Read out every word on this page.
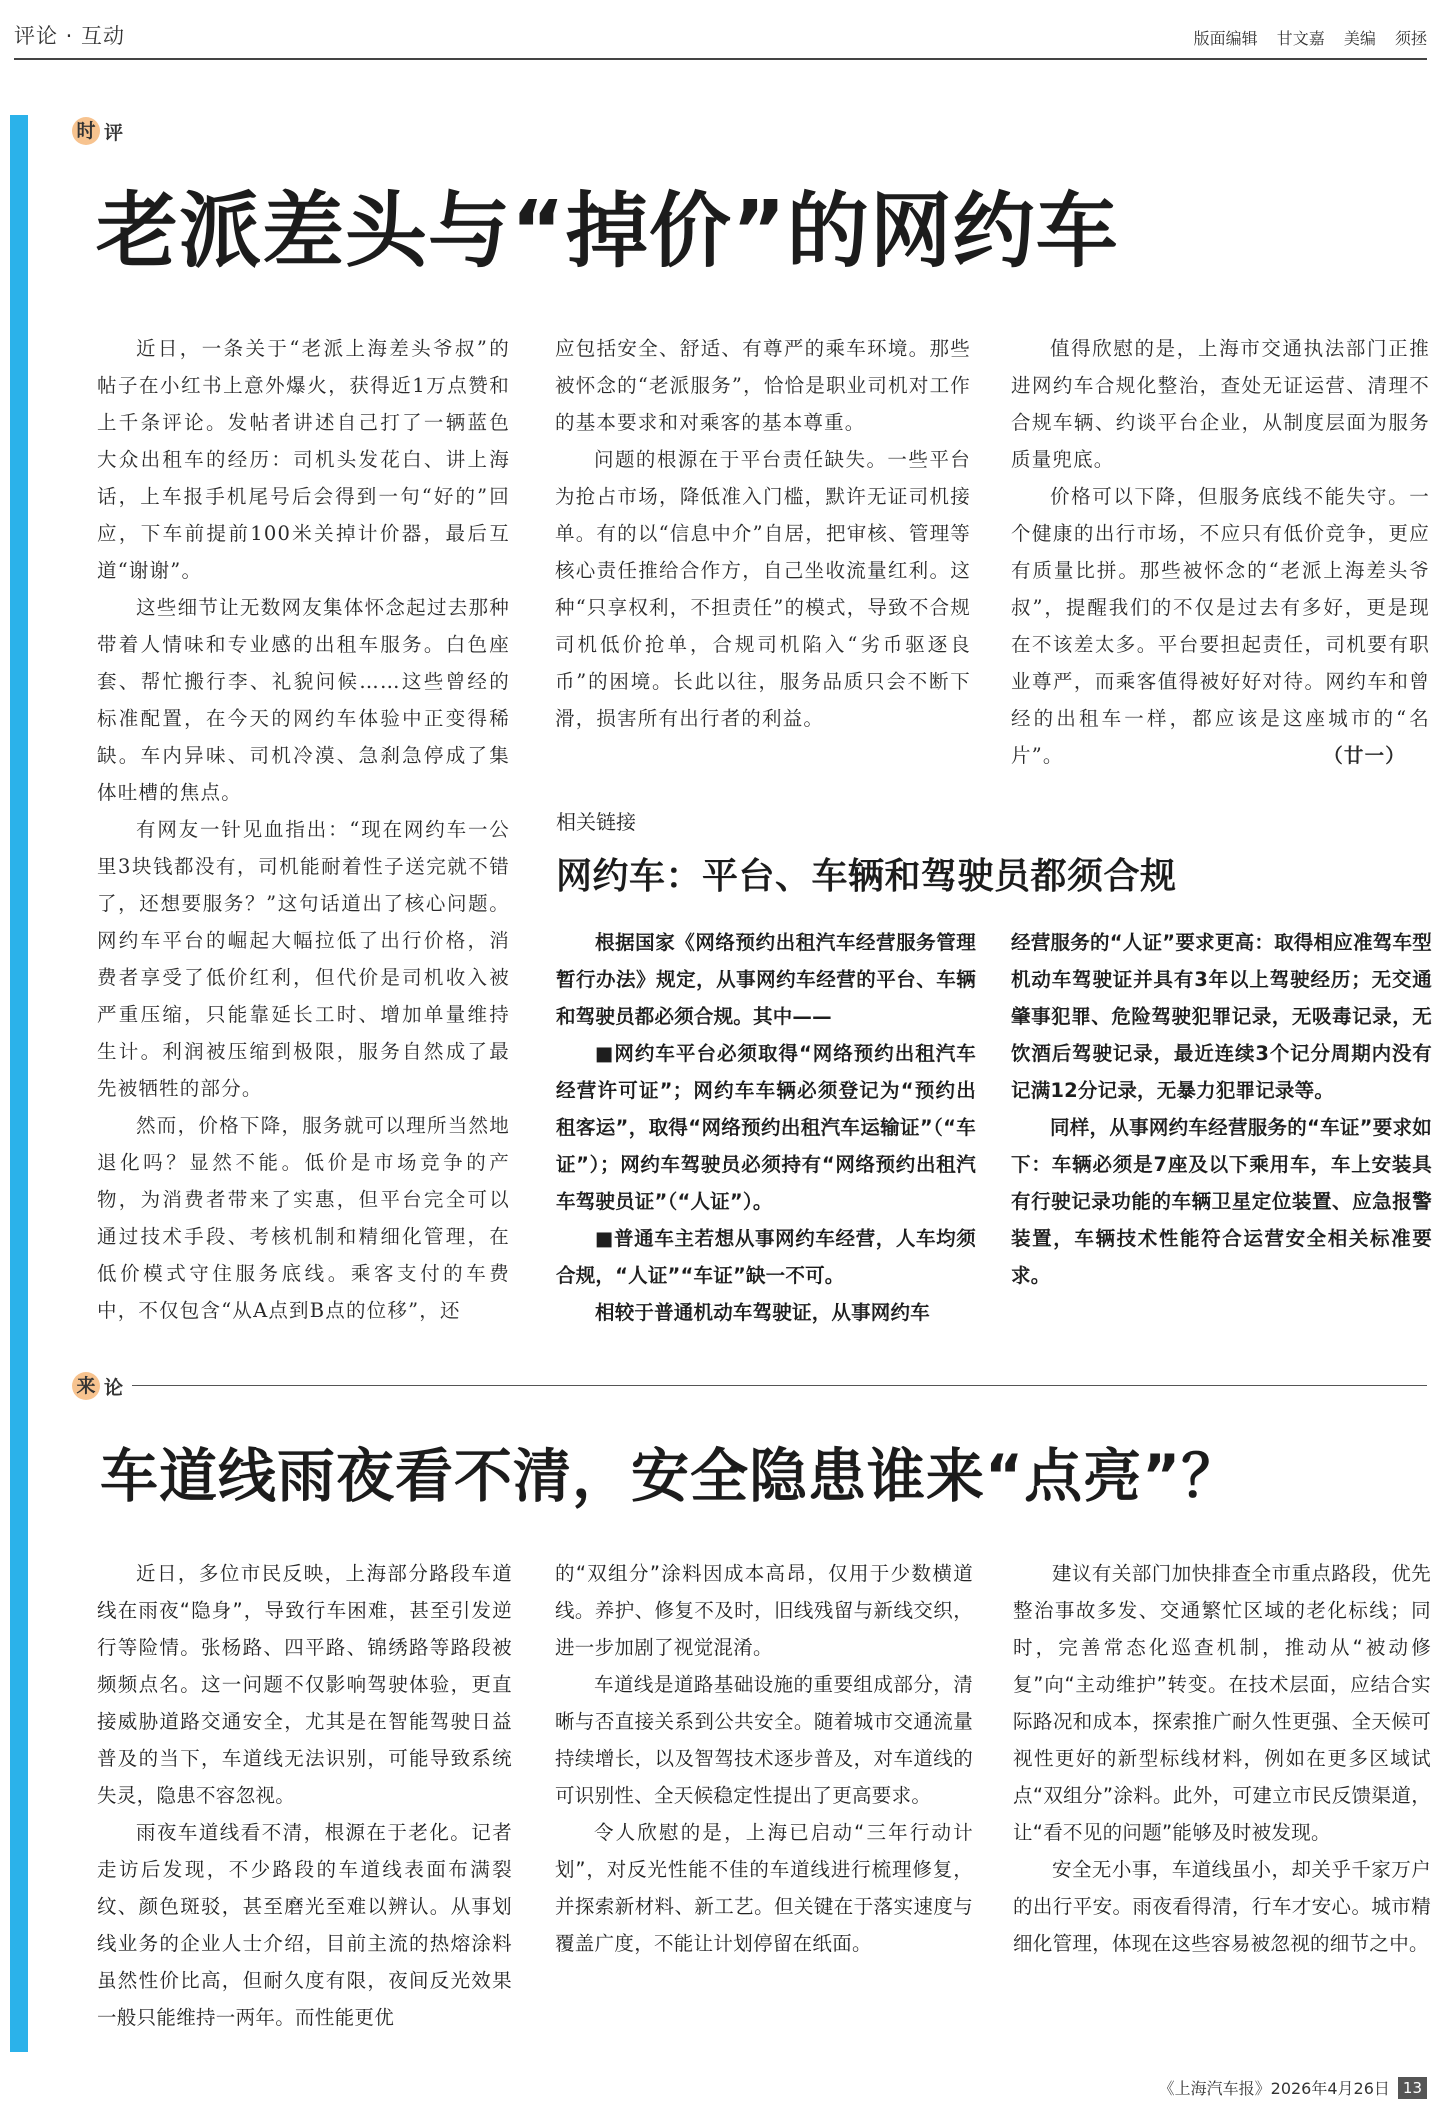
评论 · 互动	版面编辑 甘文嘉 美编 须拯
时 评
老派差头与“掉价”的网约车

近日，一条关于“老派上海差头爷叔”的帖子在小红书上意外爆火，获得近1万点赞和上千条评论。发帖者讲述自己打了一辆蓝色大众出租车的经历：司机头发花白、讲上海话，上车报手机尾号后会得到一句“好的”回应，下车前提前100米关掉计价器，最后互道“谢谢”。

这些细节让无数网友集体怀念起过去那种带着人情味和专业感的出租车服务。白色座套、帮忙搬行李、礼貌问候……这些曾经的标准配置，在今天的网约车体验中正变得稀缺。车内异味、司机冷漠、急刹急停成了集体吐槽的焦点。

有网友一针见血指出：“现在网约车一公里3块钱都没有，司机能耐着性子送完就不错了，还想要服务？”这句话道出了核心问题。网约车平台的崛起大幅拉低了出行价格，消费者享受了低价红利，但代价是司机收入被严重压缩，只能靠延长工时、增加单量维持生计。利润被压缩到极限，服务自然成了最先被牺牲的部分。

然而，价格下降，服务就可以理所当然地退化吗？显然不能。低价是市场竞争的产物，为消费者带来了实惠，但平台完全可以通过技术手段、考核机制和精细化管理，在低价模式守住服务底线。乘客支付的车费中，不仅包含“从A点到B点的位移”，还

应包括安全、舒适、有尊严的乘车环境。那些被怀念的“老派服务”，恰恰是职业司机对工作的基本要求和对乘客的基本尊重。

问题的根源在于平台责任缺失。一些平台为抢占市场，降低准入门槛，默许无证司机接单。有的以“信息中介”自居，把审核、管理等核心责任推给合作方，自己坐收流量红利。这种“只享权利，不担责任”的模式，导致不合规司机低价抢单，合规司机陷入“劣币驱逐良币”的困境。长此以往，服务品质只会不断下滑，损害所有出行者的利益。

值得欣慰的是，上海市交通执法部门正推进网约车合规化整治，查处无证运营、清理不合规车辆、约谈平台企业，从制度层面为服务质量兜底。

价格可以下降，但服务底线不能失守。一个健康的出行市场，不应只有低价竞争，更应有质量比拼。那些被怀念的“老派上海差头爷叔”，提醒我们的不仅是过去有多好，更是现在不该差太多。平台要担起责任，司机要有职业尊严，而乘客值得被好好对待。网约车和曾经的出租车一样，都应该是这座城市的“名片”。	（廿一）

相关链接
网约车：平台、车辆和驾驶员都须合规

根据国家《网络预约出租汽车经营服务管理暂行办法》规定，从事网约车经营的平台、车辆和驾驶员都必须合规。其中——

■网约车平台必须取得“网络预约出租汽车经营许可证”；网约车车辆必须登记为“预约出租客运”，取得“网络预约出租汽车运输证”（“车证”）；网约车驾驶员必须持有“网络预约出租汽车驾驶员证”（“人证”）。

■普通车主若想从事网约车经营，人车均须合规，“人证”“车证”缺一不可。

相较于普通机动车驾驶证，从事网约车

经营服务的“人证”要求更高：取得相应准驾车型机动车驾驶证并具有3年以上驾驶经历；无交通肇事犯罪、危险驾驶犯罪记录，无吸毒记录，无饮酒后驾驶记录，最近连续3个记分周期内没有记满12分记录，无暴力犯罪记录等。

同样，从事网约车经营服务的“车证”要求如下：车辆必须是7座及以下乘用车，车上安装具有行驶记录功能的车辆卫星定位装置、应急报警装置，车辆技术性能符合运营安全相关标准要求。

来 论
车道线雨夜看不清，安全隐患谁来“点亮”？

近日，多位市民反映，上海部分路段车道线在雨夜“隐身”，导致行车困难，甚至引发逆行等险情。张杨路、四平路、锦绣路等路段被频频点名。这一问题不仅影响驾驶体验，更直接威胁道路交通安全，尤其是在智能驾驶日益普及的当下，车道线无法识别，可能导致系统失灵，隐患不容忽视。

雨夜车道线看不清，根源在于老化。记者走访后发现，不少路段的车道线表面布满裂纹、颜色斑驳，甚至磨光至难以辨认。从事划线业务的企业人士介绍，目前主流的热熔涂料虽然性价比高，但耐久度有限，夜间反光效果一般只能维持一两年。而性能更优

的“双组分”涂料因成本高昂，仅用于少数横道线。养护、修复不及时，旧线残留与新线交织，进一步加剧了视觉混淆。

车道线是道路基础设施的重要组成部分，清晰与否直接关系到公共安全。随着城市交通流量持续增长，以及智驾技术逐步普及，对车道线的可识别性、全天候稳定性提出了更高要求。

令人欣慰的是，上海已启动“三年行动计划”，对反光性能不佳的车道线进行梳理修复，并探索新材料、新工艺。但关键在于落实速度与覆盖广度，不能让计划停留在纸面。

建议有关部门加快排查全市重点路段，优先整治事故多发、交通繁忙区域的老化标线；同时，完善常态化巡查机制，推动从“被动修复”向“主动维护”转变。在技术层面，应结合实际路况和成本，探索推广耐久性更强、全天候可视性更好的新型标线材料，例如在更多区域试点“双组分”涂料。此外，可建立市民反馈渠道，让“看不见的问题”能够及时被发现。

安全无小事，车道线虽小，却关乎千家万户的出行平安。雨夜看得清，行车才安心。城市精细化管理，体现在这些容易被忽视的细节之中。

《上海汽车报》 2026年4月26日 13
